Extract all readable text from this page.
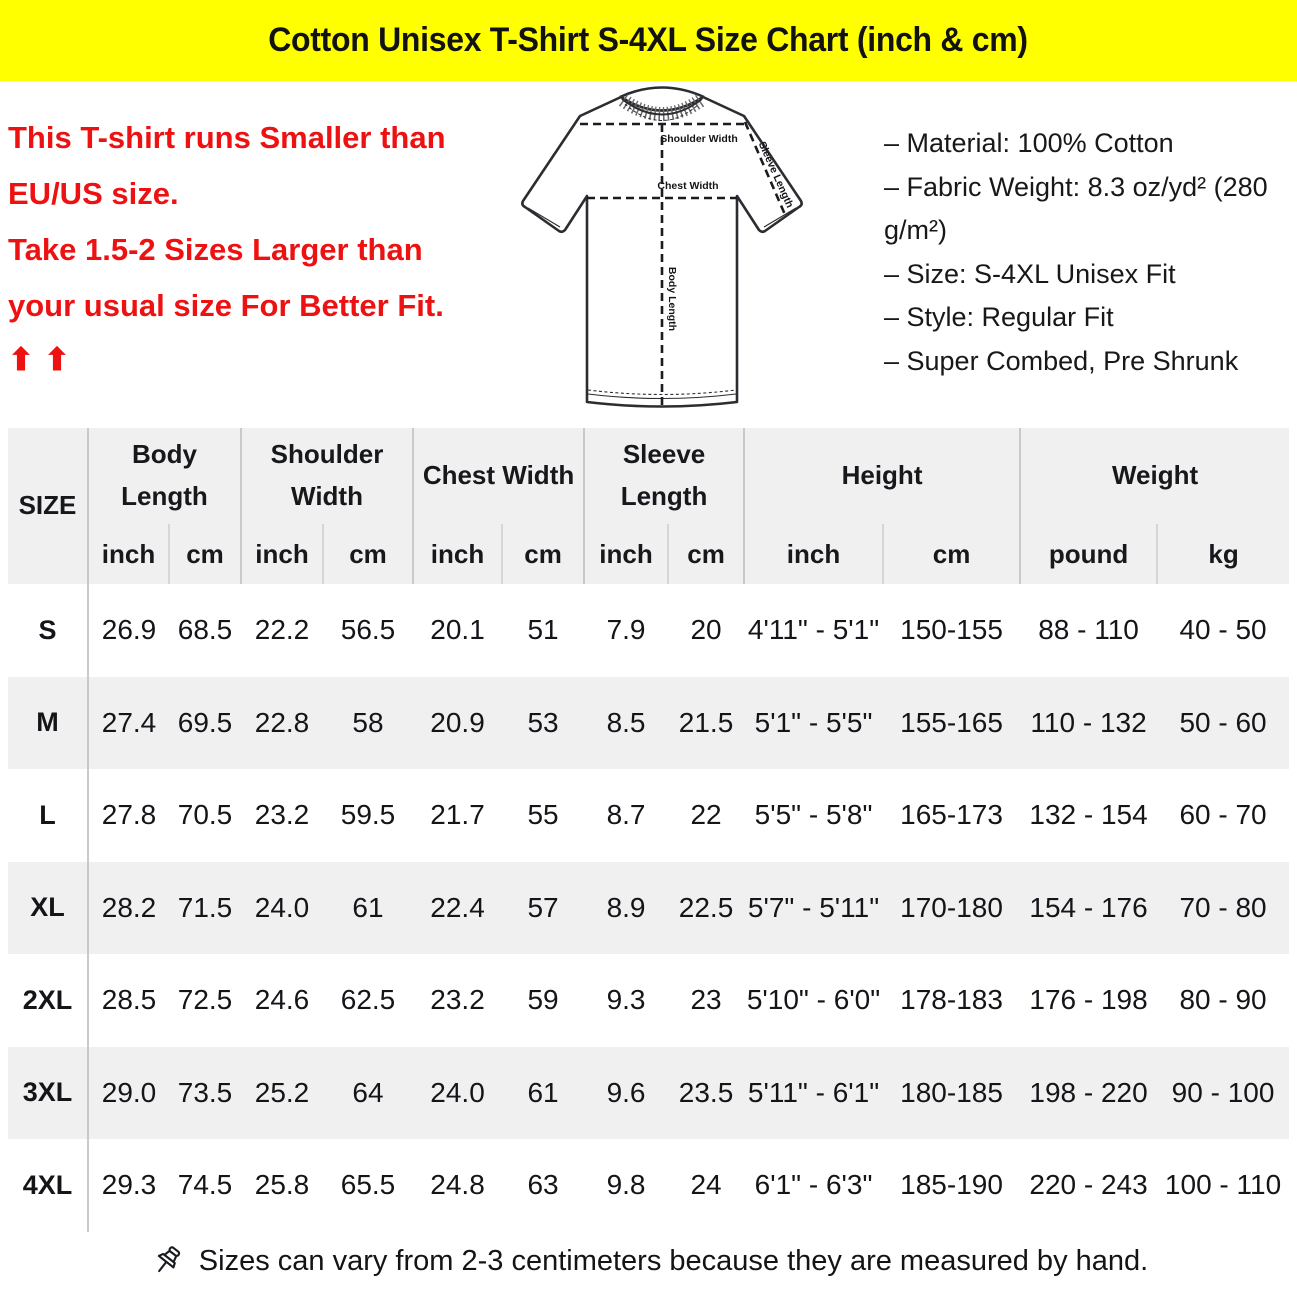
Cotton Unisex T-Shirt S-4XL Size Chart (inch & cm)
This T-shirt runs Smaller than
EU/US size.
Take 1.5-2 Sizes Larger than
your usual size For Better Fit.
⬆⬆
Shoulder Width
Chest Width
Body Length
Sleeve Length	– Material: 100% Cotton
– Fabric Weight: 8.3 oz/yd² (280 g/m²)
– Size: S-4XL Unisex Fit
– Style: Regular Fit
– Super Combed, Pre Shrunk
SIZE	Body Length		Shoulder Width		Chest Width		Sleeve Length		Height		Weight	
	inch	cm	inch	cm	inch	cm	inch	cm	inch	cm	pound	kg
S	26.9	68.5	22.2	56.5	20.1	51	7.9	20	4'11" - 5'1"	150-155	88 - 110	40 - 50
M	27.4	69.5	22.8	58	20.9	53	8.5	21.5	5'1" - 5'5"	155-165	110 - 132	50 - 60
L	27.8	70.5	23.2	59.5	21.7	55	8.7	22	5'5" - 5'8"	165-173	132 - 154	60 - 70
XL	28.2	71.5	24.0	61	22.4	57	8.9	22.5	5'7" - 5'11"	170-180	154 - 176	70 - 80
2XL	28.5	72.5	24.6	62.5	23.2	59	9.3	23	5'10" - 6'0"	178-183	176 - 198	80 - 90
3XL	29.0	73.5	25.2	64	24.0	61	9.6	23.5	5'11" - 6'1"	180-185	198 - 220	90 - 100
4XL	29.3	74.5	25.8	65.5	24.8	63	9.8	24	6'1" - 6'3"	185-190	220 - 243	100 - 110
Sizes can vary from 2-3 centimeters because they are measured by hand.
